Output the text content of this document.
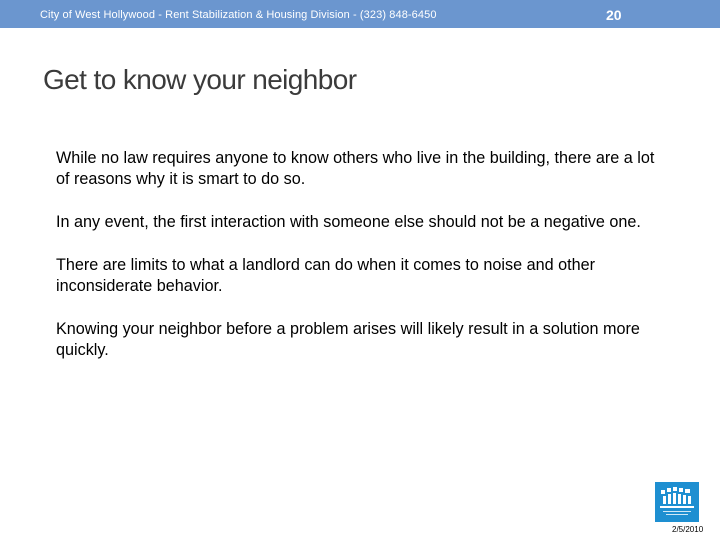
City of West Hollywood - Rent Stabilization & Housing Division - (323) 848-6450	20
Get to know your neighbor

While no law requires anyone to know others who live in the building, there are a lot of reasons why it is smart to do so.

In any event, the first interaction with someone else should not be a negative one.

There are limits to what a landlord can do when it comes to noise and other inconsiderate behavior.

Knowing your neighbor before a problem arises will likely result in a solution more quickly.

2/5/2010
